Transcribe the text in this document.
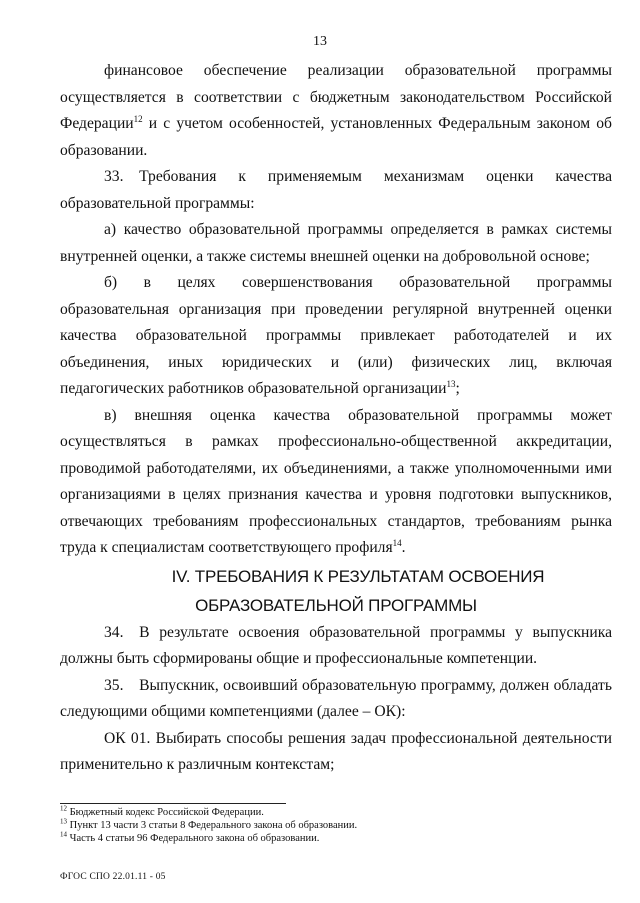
13

финансовое обеспечение реализации образовательной программы осуществляется в соответствии с бюджетным законодательством Российской Федерации$^{12}$ и с учетом особенностей, установленных Федеральным законом об образовании.

33. Требования к применяемым механизмам оценки качества образовательной программы:

а) качество образовательной программы определяется в рамках системы внутренней оценки, а также системы внешней оценки на добровольной основе;

б) в целях совершенствования образовательной программы образовательная организация при проведении регулярной внутренней оценки качества образовательной программы привлекает работодателей и их объединения, иных юридических и (или) физических лиц, включая педагогических работников образовательной организации$^{13}$;

в) внешняя оценка качества образовательной программы может осуществляться в рамках профессионально-общественной аккредитации, проводимой работодателями, их объединениями, а также уполномоченными ими организациями в целях признания качества и уровня подготовки выпускников, отвечающих требованиям профессиональных стандартов, требованиям рынка труда к специалистам соответствующего профиля$^{14}$.

IV. ТРЕБОВАНИЯ К РЕЗУЛЬТАТАМ ОСВОЕНИЯ ОБРАЗОВАТЕЛЬНОЙ ПРОГРАММЫ

34. В результате освоения образовательной программы у выпускника должны быть сформированы общие и профессиональные компетенции.

35. Выпускник, освоивший образовательную программу, должен обладать следующими общими компетенциями (далее – ОК):

ОК 01. Выбирать способы решения задач профессиональной деятельности применительно к различным контекстам;

$^{12}$ Бюджетный кодекс Российской Федерации.
$^{13}$ Пункт 13 части 3 статьи 8 Федерального закона об образовании.
$^{14}$ Часть 4 статьи 96 Федерального закона об образовании.
ФГОС СПО 22.01.11 - 05
